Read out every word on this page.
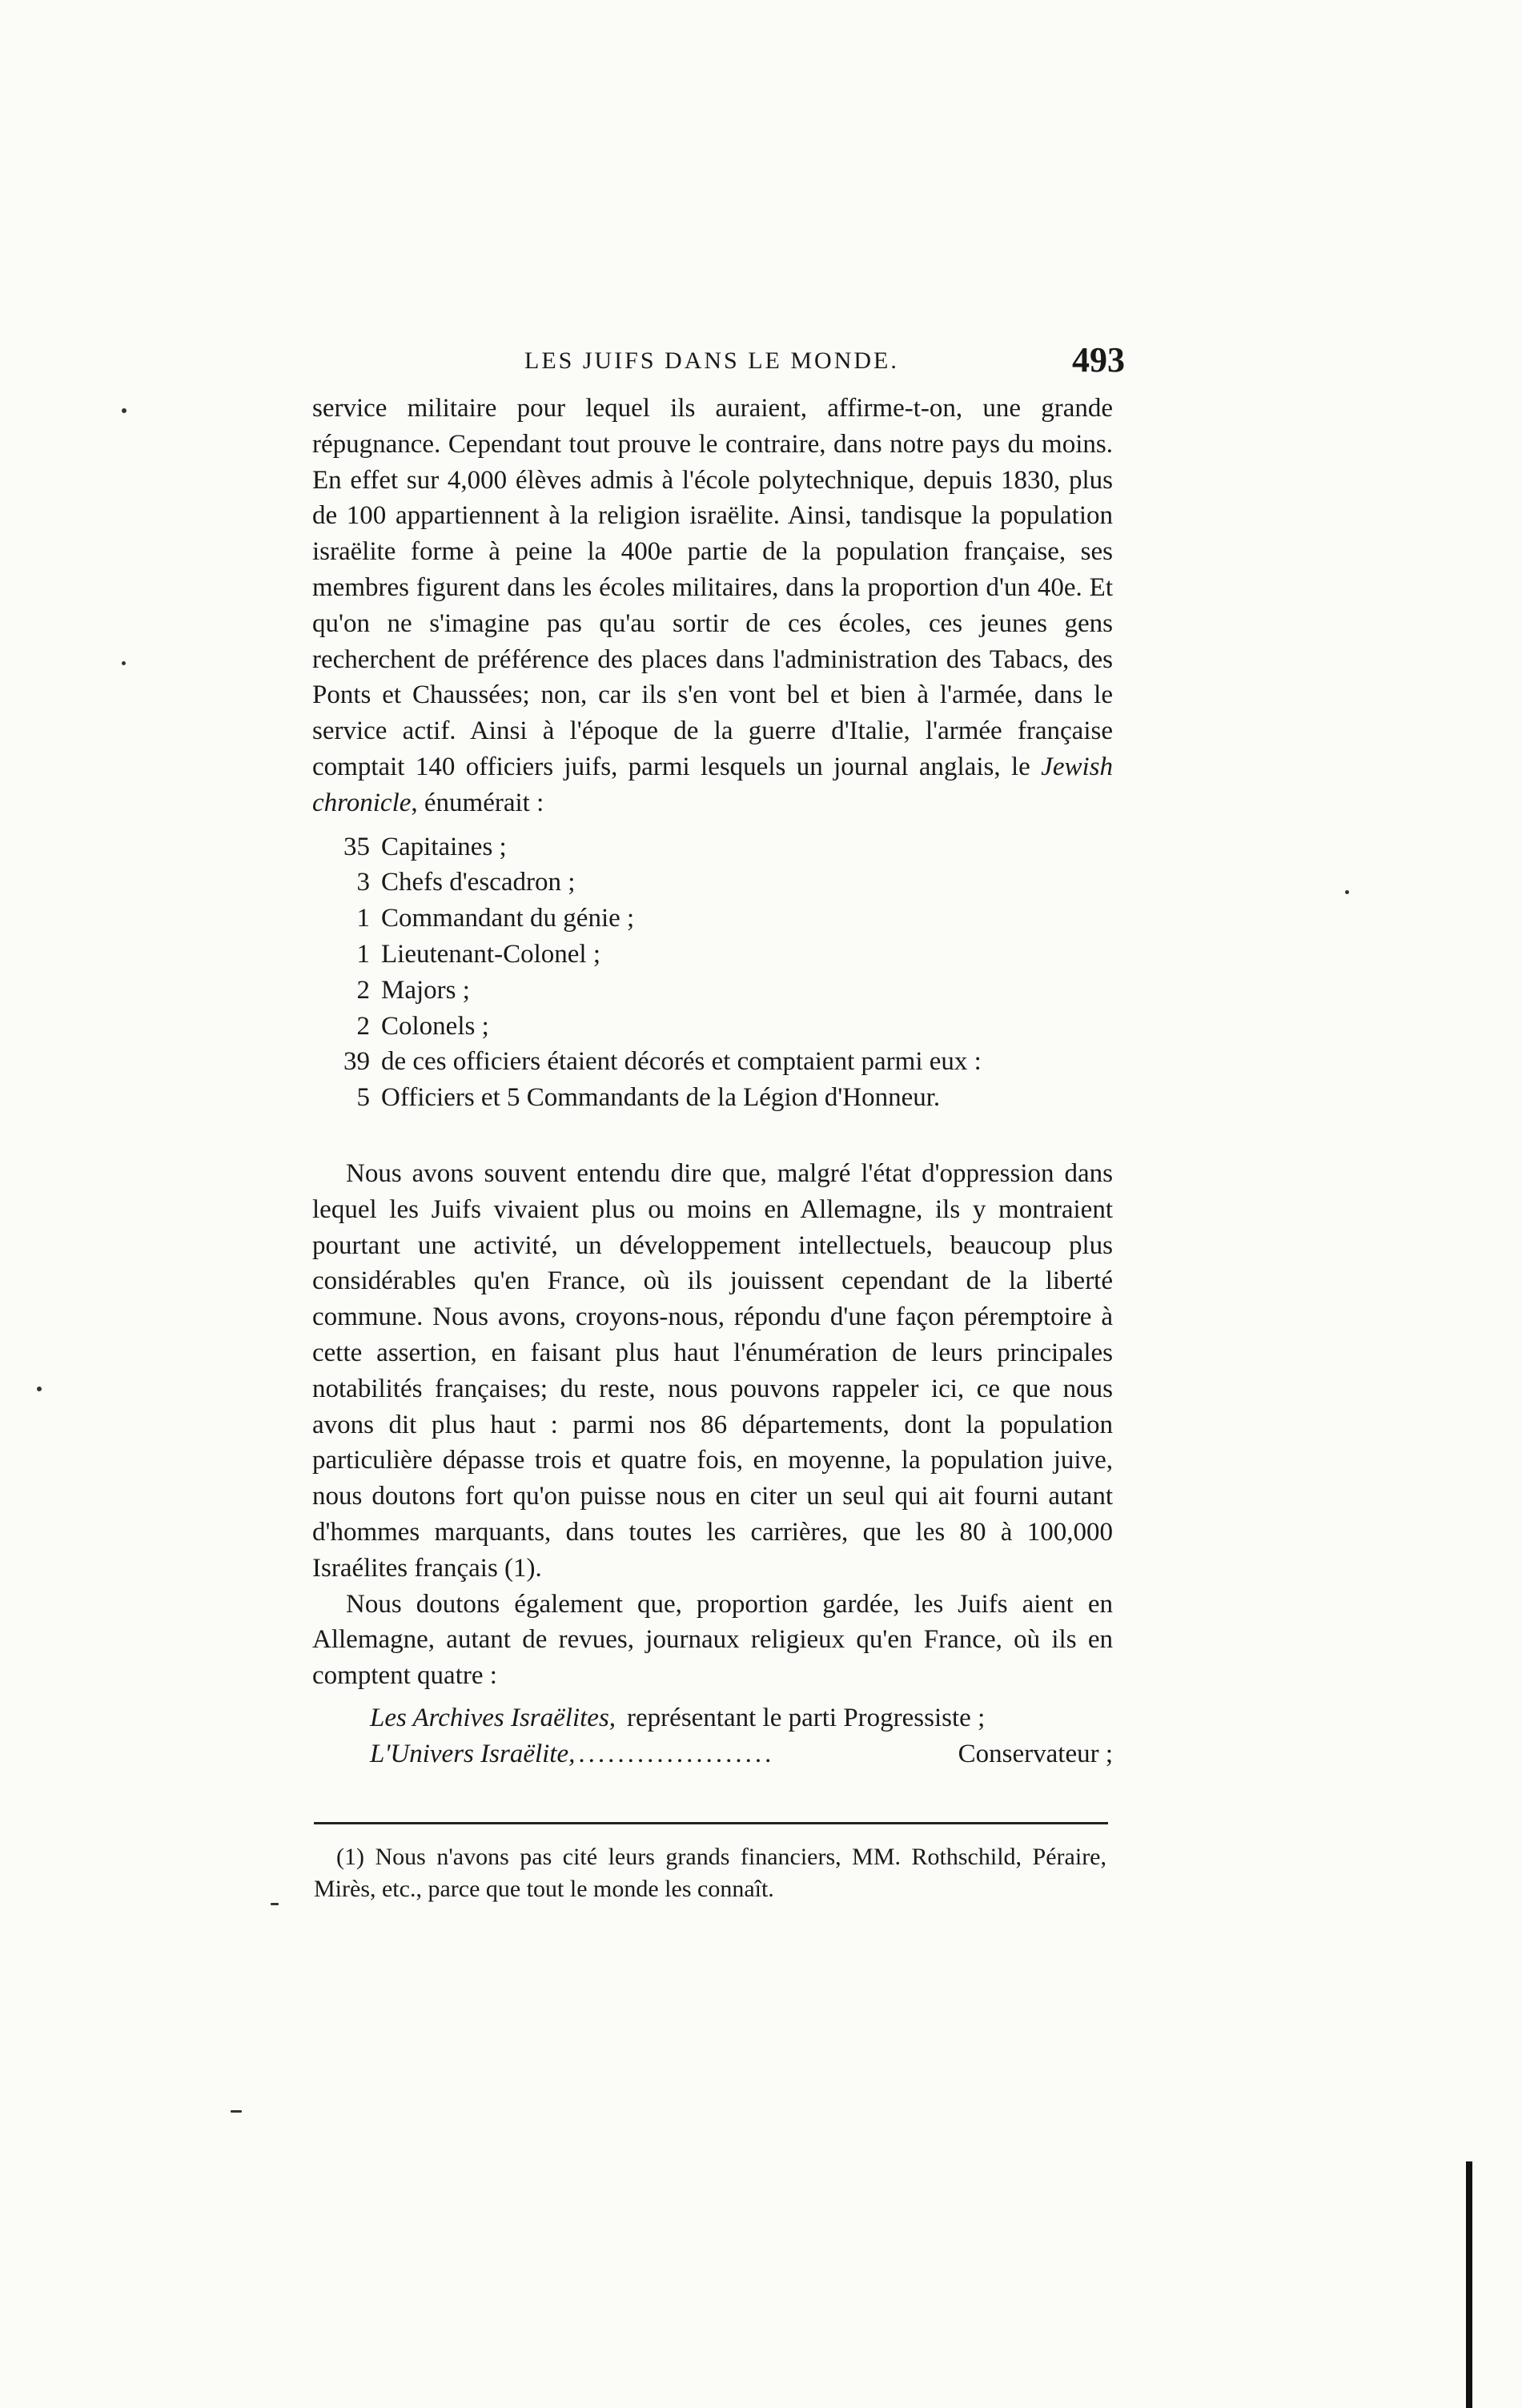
LES JUIFS DANS LE MONDE.	493

service militaire pour lequel ils auraient, affirme-t-on, une grande répugnance. Cependant tout prouve le contraire, dans notre pays du moins. En effet sur 4,000 élèves admis à l'école polytechnique, depuis 1830, plus de 100 appartiennent à la religion israëlite. Ainsi, tandisque la population israëlite forme à peine la 400e partie de la population française, ses membres figurent dans les écoles militaires, dans la proportion d'un 40e. Et qu'on ne s'imagine pas qu'au sortir de ces écoles, ces jeunes gens recherchent de préférence des places dans l'administration des Tabacs, des Ponts et Chaussées; non, car ils s'en vont bel et bien à l'armée, dans le service actif. Ainsi à l'époque de la guerre d'Italie, l'armée française comptait 140 officiers juifs, parmi lesquels un journal anglais, le Jewish chronicle, énumérait :

35 Capitaines ;
3 Chefs d'escadron ;
1 Commandant du génie ;
1 Lieutenant-Colonel ;
2 Majors ;
2 Colonels ;
39 de ces officiers étaient décorés et comptaient parmi eux :
5 Officiers et 5 Commandants de la Légion d'Honneur.

Nous avons souvent entendu dire que, malgré l'état d'oppression dans lequel les Juifs vivaient plus ou moins en Allemagne, ils y montraient pourtant une activité, un développement intellectuels, beaucoup plus considérables qu'en France, où ils jouissent cependant de la liberté commune. Nous avons, croyons-nous, répondu d'une façon péremptoire à cette assertion, en faisant plus haut l'énumération de leurs principales notabilités françaises; du reste, nous pouvons rappeler ici, ce que nous avons dit plus haut : parmi nos 86 départements, dont la population particulière dépasse trois et quatre fois, en moyenne, la population juive, nous doutons fort qu'on puisse nous en citer un seul qui ait fourni autant d'hommes marquants, dans toutes les carrières, que les 80 à 100,000 Israélites français (1).

Nous doutons également que, proportion gardée, les Juifs aient en Allemagne, autant de revues, journaux religieux qu'en France, où ils en comptent quatre :

Les Archives Israëlites, représentant le parti Progressiste ;
L'Univers Israëlite, ....................	Conservateur ;

(1) Nous n'avons pas cité leurs grands financiers, MM. Rothschild, Péraire, Mirès, etc., parce que tout le monde les connaît.
